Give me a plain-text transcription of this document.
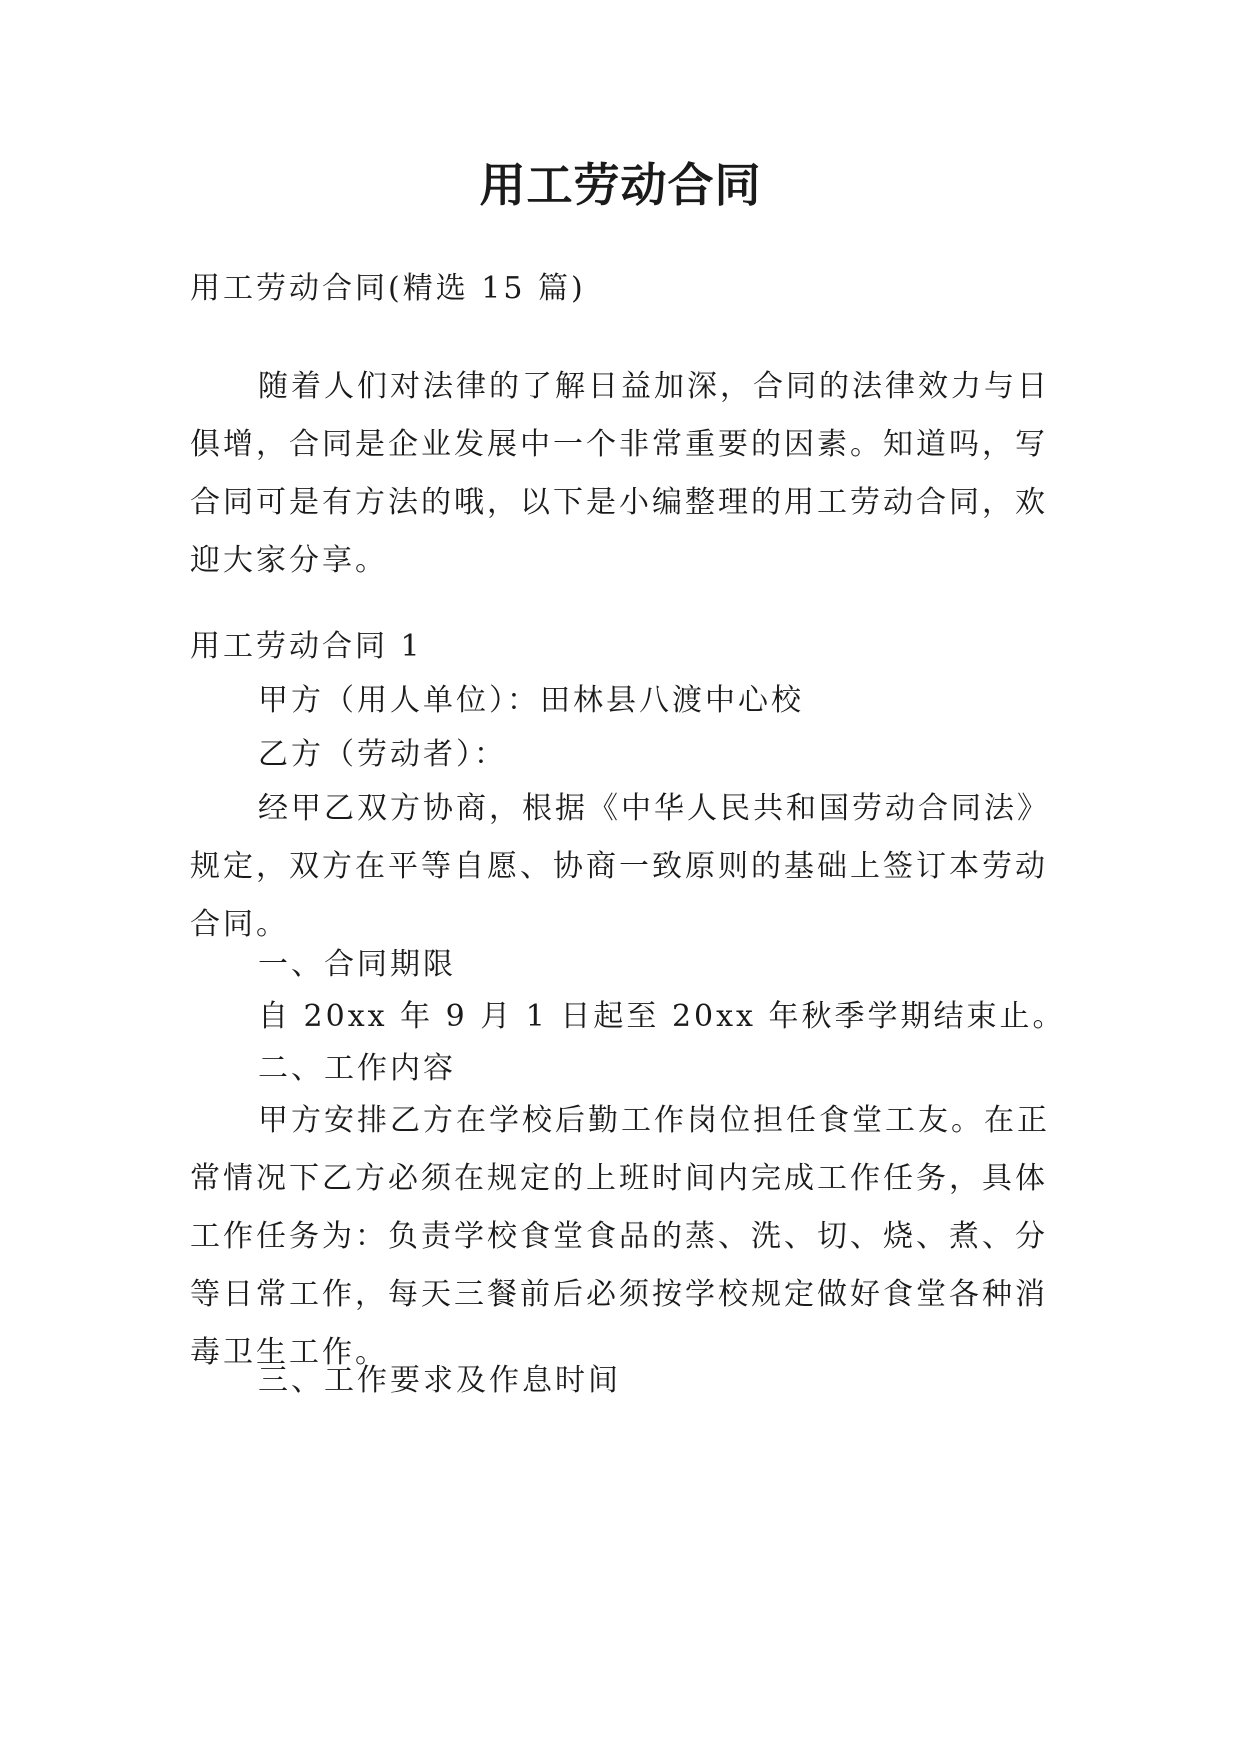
用工劳动合同

用工劳动合同(精选 15 篇)

随着人们对法律的了解日益加深，合同的法律效力与日俱增，合同是企业发展中一个非常重要的因素。知道吗，写合同可是有方法的哦，以下是小编整理的用工劳动合同，欢迎大家分享。

用工劳动合同 1

甲方（用人单位）：田林县八渡中心校

乙方（劳动者）：

经甲乙双方协商，根据《中华人民共和国劳动合同法》规定，双方在平等自愿、协商一致原则的基础上签订本劳动合同。

一、合同期限

自 20xx 年 9 月 1 日起至 20xx 年秋季学期结束止。

二、工作内容

甲方安排乙方在学校后勤工作岗位担任食堂工友。在正常情况下乙方必须在规定的上班时间内完成工作任务，具体工作任务为：负责学校食堂食品的蒸、洗、切、烧、煮、分等日常工作，每天三餐前后必须按学校规定做好食堂各种消毒卫生工作。

三、工作要求及作息时间
